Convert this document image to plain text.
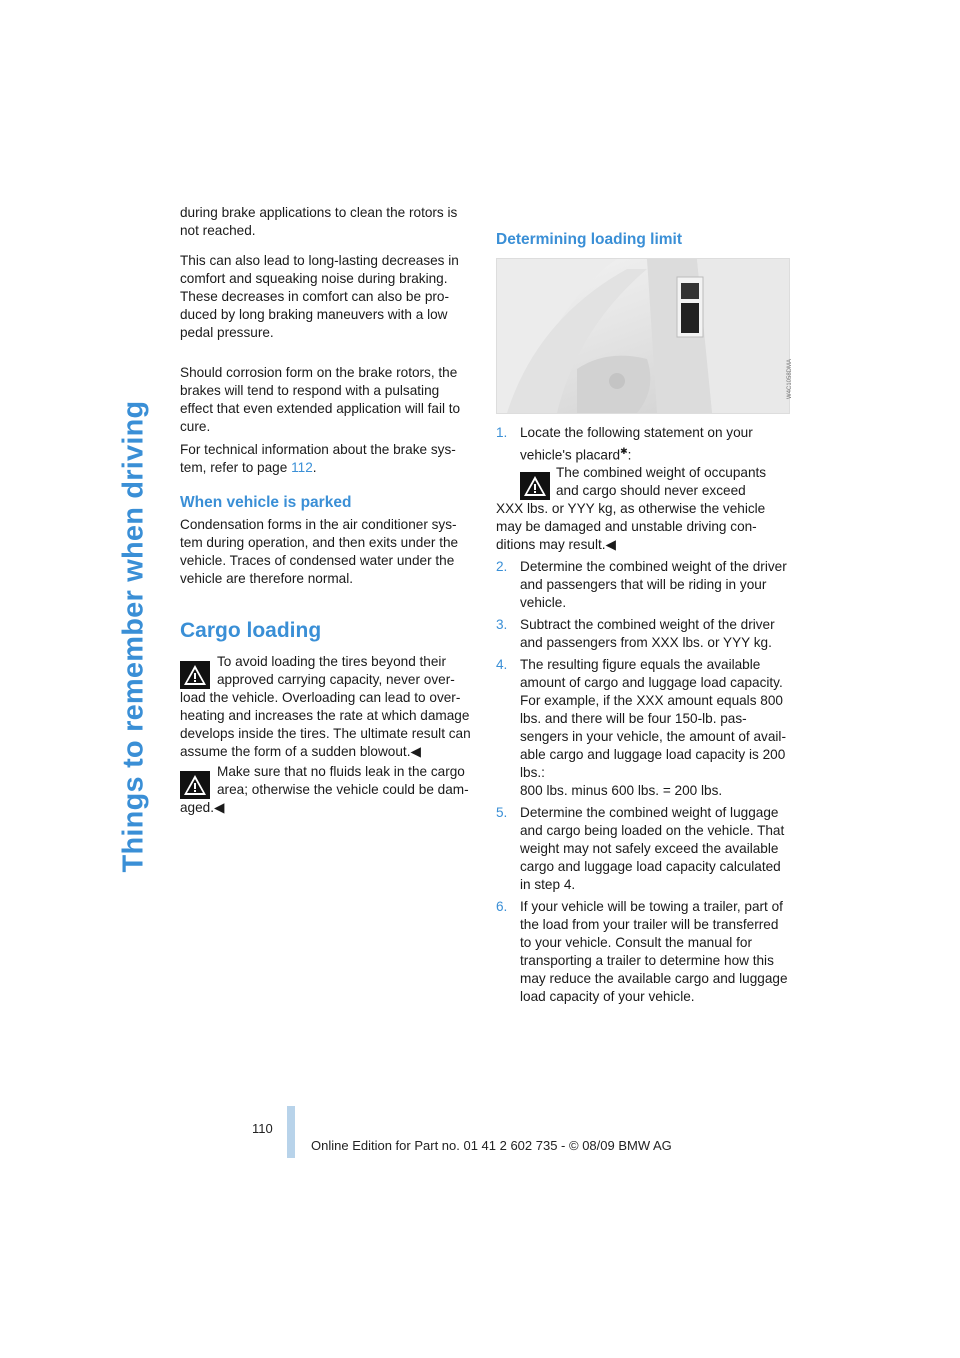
Things to remember when driving

during brake applications to clean the rotors is not reached.

This can also lead to long-lasting decreases in comfort and squeaking noise during braking. These decreases in comfort can also be pro-duced by long braking maneuvers with a low pedal pressure.

Should corrosion form on the brake rotors, the brakes will tend to respond with a pulsating effect that even extended application will fail to cure.

For technical information about the brake sys-tem, refer to page 112.

When vehicle is parked

Condensation forms in the air conditioner sys-tem during operation, and then exits under the vehicle. Traces of condensed water under the vehicle are therefore normal.

Cargo loading

To avoid loading the tires beyond their approved carrying capacity, never over-

load the vehicle. Overloading can lead to over-heating and increases the rate at which damage develops inside the tires. The ultimate result can assume the form of a sudden blowout.◀

Make sure that no fluids leak in the cargo area; otherwise the vehicle could be dam-

aged.◀

Determining loading limit
W4C1058DMA
1. Locate the following statement on your vehicle's placard✱:

The combined weight of occupants and cargo should never exceed

XXX lbs. or YYY kg, as otherwise the vehicle may be damaged and unstable driving con-ditions may result.◀

2. Determine the combined weight of the driver and passengers that will be riding in your vehicle.

3. Subtract the combined weight of the driver and passengers from XXX lbs. or YYY kg.

4. The resulting figure equals the available amount of cargo and luggage load capacity. For example, if the XXX amount equals 800 lbs. and there will be four 150-lb. pas-sengers in your vehicle, the amount of avail-able cargo and luggage load capacity is 200 lbs.:

800 lbs. minus 600 lbs. = 200 lbs.

5. Determine the combined weight of luggage and cargo being loaded on the vehicle. That weight may not safely exceed the available cargo and luggage load capacity calculated in step 4.

6. If your vehicle will be towing a trailer, part of the load from your trailer will be transferred to your vehicle. Consult the manual for transporting a trailer to determine how this may reduce the available cargo and luggage load capacity of your vehicle.

110
Online Edition for Part no. 01 41 2 602 735 - © 08/09 BMW AG
